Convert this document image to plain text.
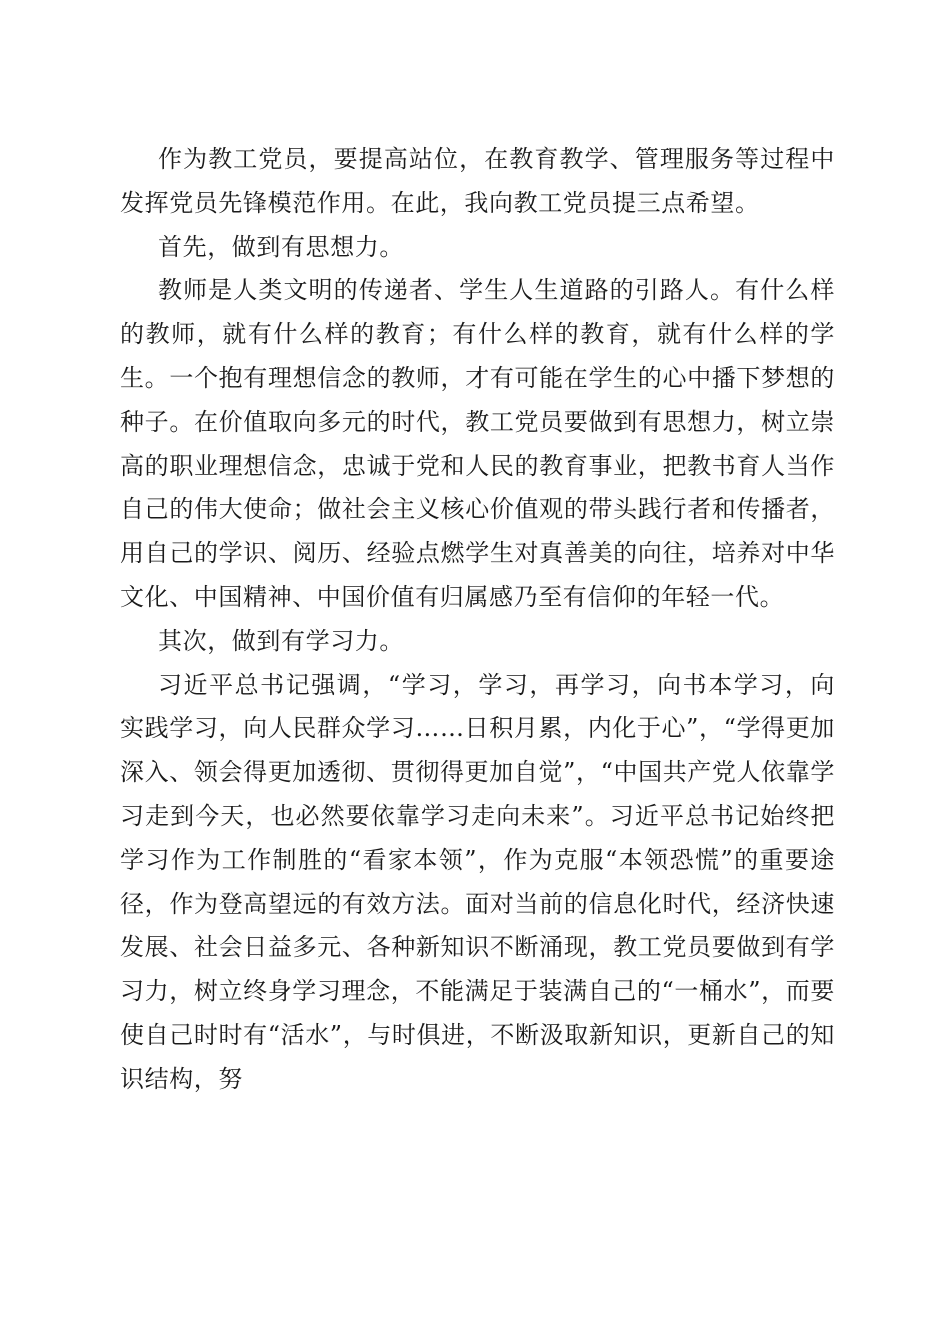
作为教工党员，要提高站位，在教育教学、管理服务等过程中发挥党员先锋模范作用。在此，我向教工党员提三点希望。

首先，做到有思想力。

教师是人类文明的传递者、学生人生道路的引路人。有什么样的教师，就有什么样的教育；有什么样的教育，就有什么样的学生。一个抱有理想信念的教师，才有可能在学生的心中播下梦想的种子。在价值取向多元的时代，教工党员要做到有思想力，树立崇高的职业理想信念，忠诚于党和人民的教育事业，把教书育人当作自己的伟大使命；做社会主义核心价值观的带头践行者和传播者，用自己的学识、阅历、经验点燃学生对真善美的向往，培养对中华文化、中国精神、中国价值有归属感乃至有信仰的年轻一代。

其次，做到有学习力。

习近平总书记强调，“学习，学习，再学习，向书本学习，向实践学习，向人民群众学习……日积月累，内化于心”，“学得更加深入、领会得更加透彻、贯彻得更加自觉”，“中国共产党人依靠学习走到今天，也必然要依靠学习走向未来”。习近平总书记始终把学习作为工作制胜的“看家本领”，作为克服“本领恐慌”的重要途径，作为登高望远的有效方法。面对当前的信息化时代，经济快速发展、社会日益多元、各种新知识不断涌现，教工党员要做到有学习力，树立终身学习理念，不能满足于装满自己的“一桶水”，而要使自己时时有“活水”，与时俱进，不断汲取新知识，更新自己的知识结构，努
